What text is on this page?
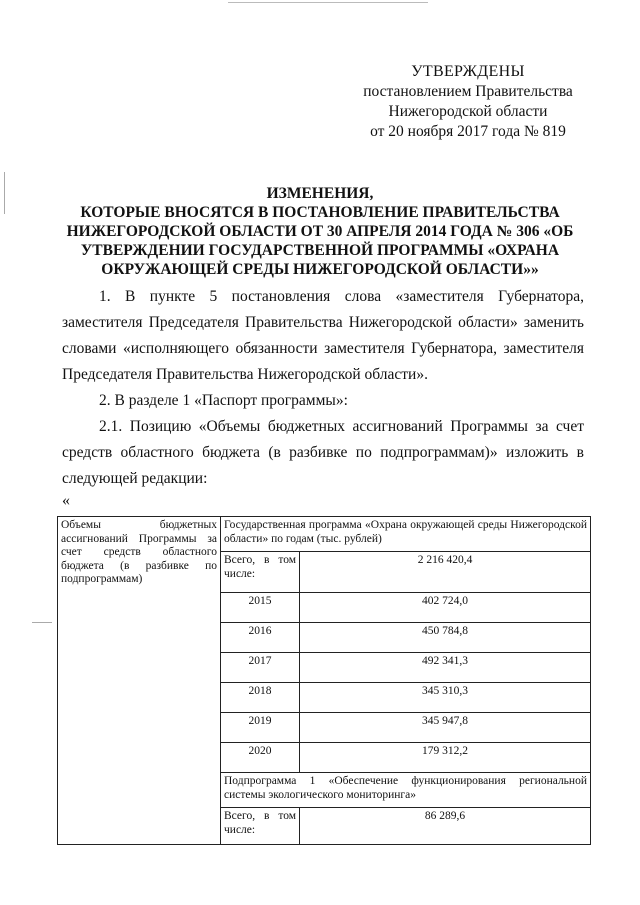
УТВЕРЖДЕНЫ
постановлением Правительства
Нижегородской области
от 20 ноября 2017 года № 819
ИЗМЕНЕНИЯ,
КОТОРЫЕ ВНОСЯТСЯ В ПОСТАНОВЛЕНИЕ ПРАВИТЕЛЬСТВА
НИЖЕГОРОДСКОЙ ОБЛАСТИ ОТ 30 АПРЕЛЯ 2014 ГОДА № 306 «ОБ
УТВЕРЖДЕНИИ ГОСУДАРСТВЕННОЙ ПРОГРАММЫ «ОХРАНА
ОКРУЖАЮЩЕЙ СРЕДЫ НИЖЕГОРОДСКОЙ ОБЛАСТИ»»
1. В пункте 5 постановления слова «заместителя Губернатора, заместителя Председателя Правительства Нижегородской области» заменить словами «исполняющего обязанности заместителя Губернатора, заместителя Председателя Правительства Нижегородской области».
2. В разделе 1 «Паспорт программы»:
2.1. Позицию «Объемы бюджетных ассигнований Программы за счет средств областного бюджета (в разбивке по подпрограммам)» изложить в следующей редакции:
«
Объемы бюджетных ассигнований Программы за счет средств областного бюджета (в разбивке по подпрограммам)	Государственная программа «Охрана окружающей среды Нижегородской области» по годам (тыс. рублей)	

	Всего, в том числе:	2 216 420,4
	2015	402 724,0
	2016	450 784,8
	2017	492 341,3
	2018	345 310,3
	2019	345 947,8
	2020	179 312,2
	Подпрограмма 1 «Обеспечение функционирования региональной системы экологического мониторинга»	

	Всего, в том числе:	86 289,6
